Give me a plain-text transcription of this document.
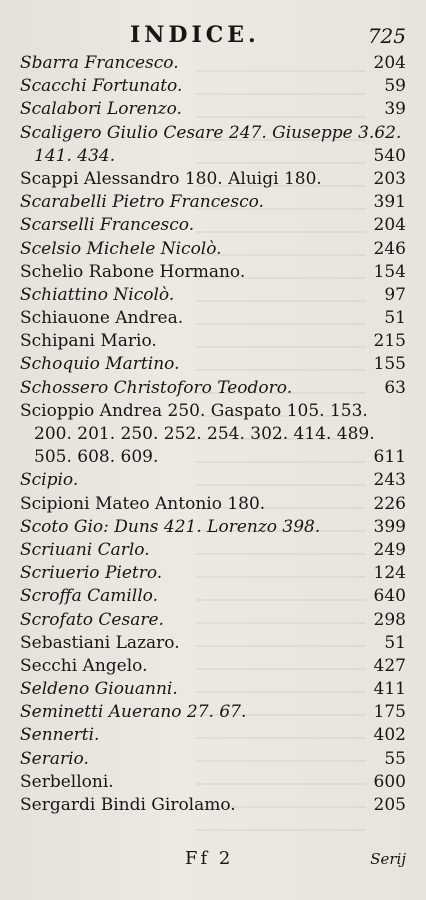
INDICE.	725
Sbarra Francesco.	204
Scacchi Fortunato.	59
Scalabori Lorenzo.	39
Scaligero Giulio Cesare 247. Giuseppe 3.62.
141. 434.	540
Scappi Alessandro 180. Aluigi 180.	203
Scarabelli Pietro Francesco.	391
Scarselli Francesco.	204
Scelsio Michele Nicolò.	246
Schelio Rabone Hormano.	154
Schiattino Nicolò.	97
Schiauone Andrea.	51
Schipani Mario.	215
Schoquio Martino.	155
Schossero Christoforo Teodoro.	63
Scioppio Andrea 250. Gaspato 105. 153.
200. 201. 250. 252. 254. 302. 414. 489.
505. 608. 609.	611
Scipio.	243
Scipioni Mateo Antonio 180.	226
Scoto Gio: Duns 421. Lorenzo 398.	399
Scriuani Carlo.	249
Scriuerio Pietro.	124
Scroffa Camillo.	640
Scrofato Cesare.	298
Sebastiani Lazaro.	51
Secchi Angelo.	427
Seldeno Giouanni.	411
Seminetti Auerano 27. 67.	175
Sennerti.	402
Serario.	55
Serbelloni.	600
Sergardi Bindi Girolamo.	205
Ff 2	Serij
